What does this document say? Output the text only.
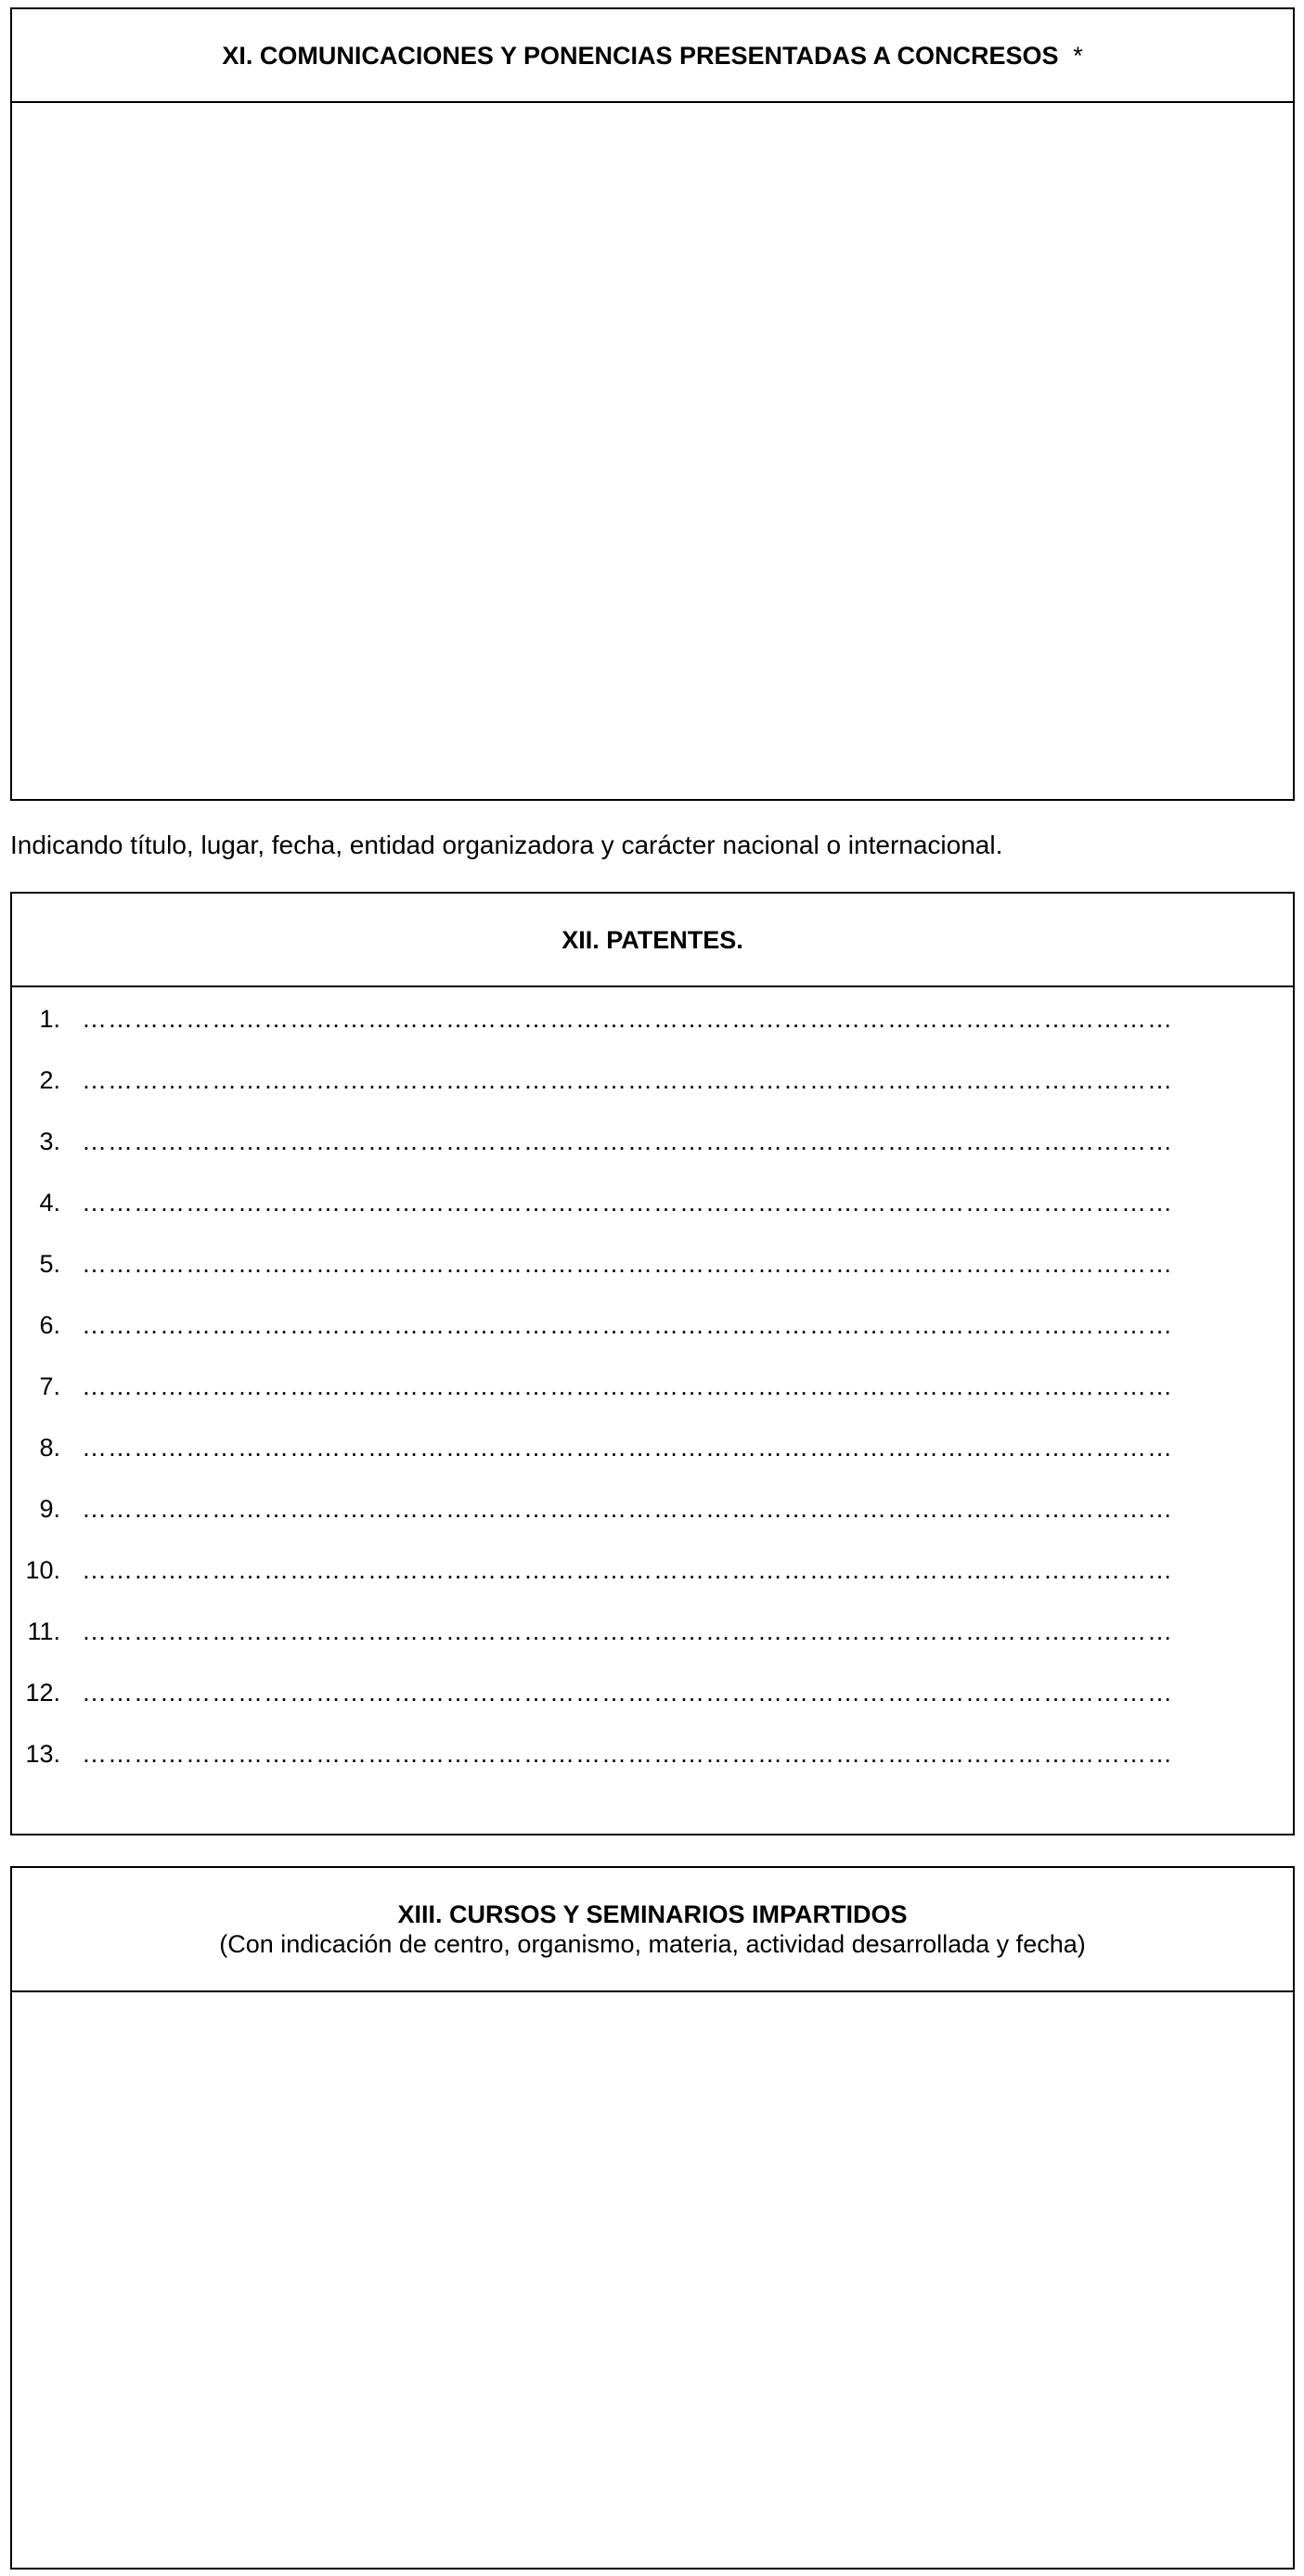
XI. COMUNICACIONES Y PONENCIAS PRESENTADAS A CONCRESOS *
Indicando título, lugar, fecha, entidad organizadora y carácter nacional o internacional.
XII. PATENTES.
1. ………………………………………………………………………………………………………………
2. ………………………………………………………………………………………………………………
3. ………………………………………………………………………………………………………………
4. ………………………………………………………………………………………………………………
5. ………………………………………………………………………………………………………………
6. ………………………………………………………………………………………………………………
7. ………………………………………………………………………………………………………………
8. ………………………………………………………………………………………………………………
9. ………………………………………………………………………………………………………………
10. ………………………………………………………………………………………………………………
11. ………………………………………………………………………………………………………………
12. ………………………………………………………………………………………………………………
13. ………………………………………………………………………………………………………………
XIII. CURSOS Y SEMINARIOS IMPARTIDOS
(Con indicación de centro, organismo, materia, actividad desarrollada y fecha)
